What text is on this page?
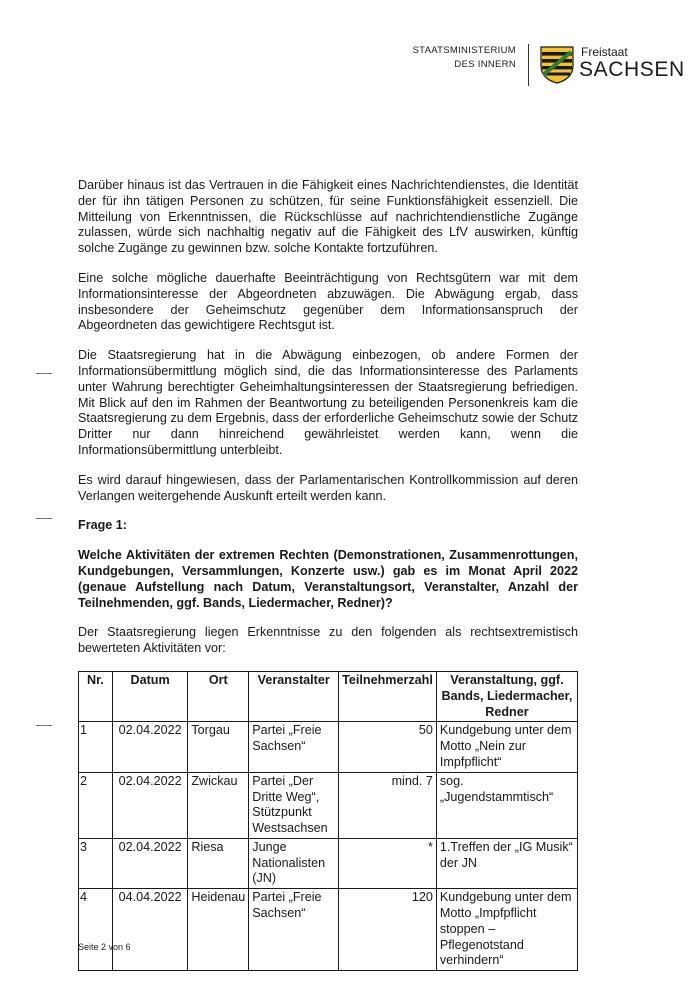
STAATSMINISTERIUM
DES INNERN
Freistaat
SACHSEN

Darüber hinaus ist das Vertrauen in die Fähigkeit eines Nachrichtendienstes, die Identität der für ihn tätigen Personen zu schützen, für seine Funktionsfähigkeit essenziell. Die Mitteilung von Erkenntnissen, die Rückschlüsse auf nachrichtendienstliche Zugänge zulassen, würde sich nachhaltig negativ auf die Fähigkeit des LfV auswirken, künftig solche Zugänge zu gewinnen bzw. solche Kontakte fortzuführen.

Eine solche mögliche dauerhafte Beeinträchtigung von Rechtsgütern war mit dem Informationsinteresse der Abgeordneten abzuwägen. Die Abwägung ergab, dass insbesondere der Geheimschutz gegenüber dem Informationsanspruch der Abgeordneten das gewichtigere Rechtsgut ist.

Die Staatsregierung hat in die Abwägung einbezogen, ob andere Formen der Informationsübermittlung möglich sind, die das Informationsinteresse des Parlaments unter Wahrung berechtigter Geheimhaltungsinteressen der Staatsregierung befriedigen. Mit Blick auf den im Rahmen der Beantwortung zu beteiligenden Personenkreis kam die Staatsregierung zu dem Ergebnis, dass der erforderliche Geheimschutz sowie der Schutz Dritter nur dann hinreichend gewährleistet werden kann, wenn die Informationsübermittlung unterbleibt.

Es wird darauf hingewiesen, dass der Parlamentarischen Kontrollkommission auf deren Verlangen weitergehende Auskunft erteilt werden kann.

Frage 1:

Welche Aktivitäten der extremen Rechten (Demonstrationen, Zusammenrottungen, Kundgebungen, Versammlungen, Konzerte usw.) gab es im Monat April 2022 (genaue Aufstellung nach Datum, Veranstaltungsort, Veranstalter, Anzahl der Teilnehmenden, ggf. Bands, Liedermacher, Redner)?

Der Staatsregierung liegen Erkenntnisse zu den folgenden als rechtsextremistisch bewerteten Aktivitäten vor:

Nr.	Datum	Ort	Veranstalter	Teilnehmerzahl	Veranstaltung, ggf. Bands, Liedermacher, Redner
1	02.04.2022	Torgau	Partei „Freie Sachsen“	50	Kundgebung unter dem Motto „Nein zur Impfpflicht“
2	02.04.2022	Zwickau	Partei „Der Dritte Weg“, Stützpunkt Westsachsen	mind. 7	sog. „Jugendstammtisch“
3	02.04.2022	Riesa	Junge Nationalisten (JN)	*	1.Treffen der „IG Musik“ der JN
4	04.04.2022	Heidenau	Partei „Freie Sachsen“	120	Kundgebung unter dem Motto „Impfpflicht stoppen – Pflegenotstand verhindern“
Seite 2 von 6
